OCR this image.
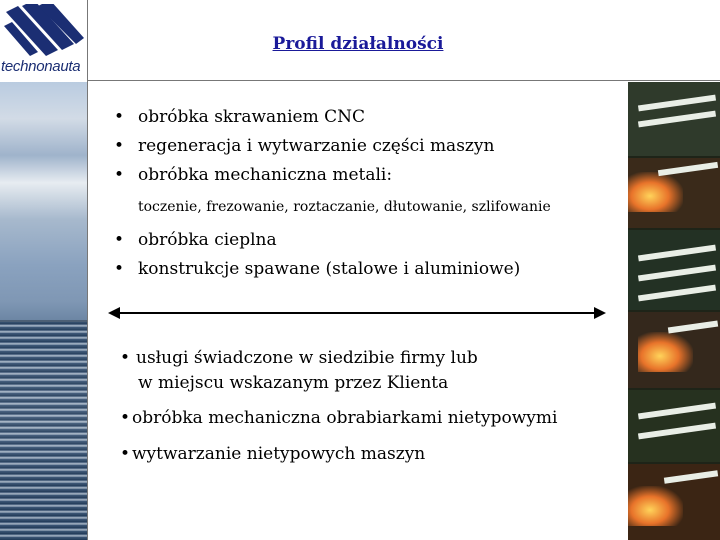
technonauta
Profil działalności
• obróbka skrawaniem CNC
• regeneracja i wytwarzanie części maszyn
• obróbka mechaniczna metali:
toczenie, frezowanie, roztaczanie, dłutowanie, szlifowanie
• obróbka cieplna
• konstrukcje spawane (stalowe i aluminiowe)
• usługi świadczone w siedzibie firmy lub
w miejscu wskazanym przez Klienta
• obróbka mechaniczna obrabiarkami nietypowymi
• wytwarzanie nietypowych maszyn
